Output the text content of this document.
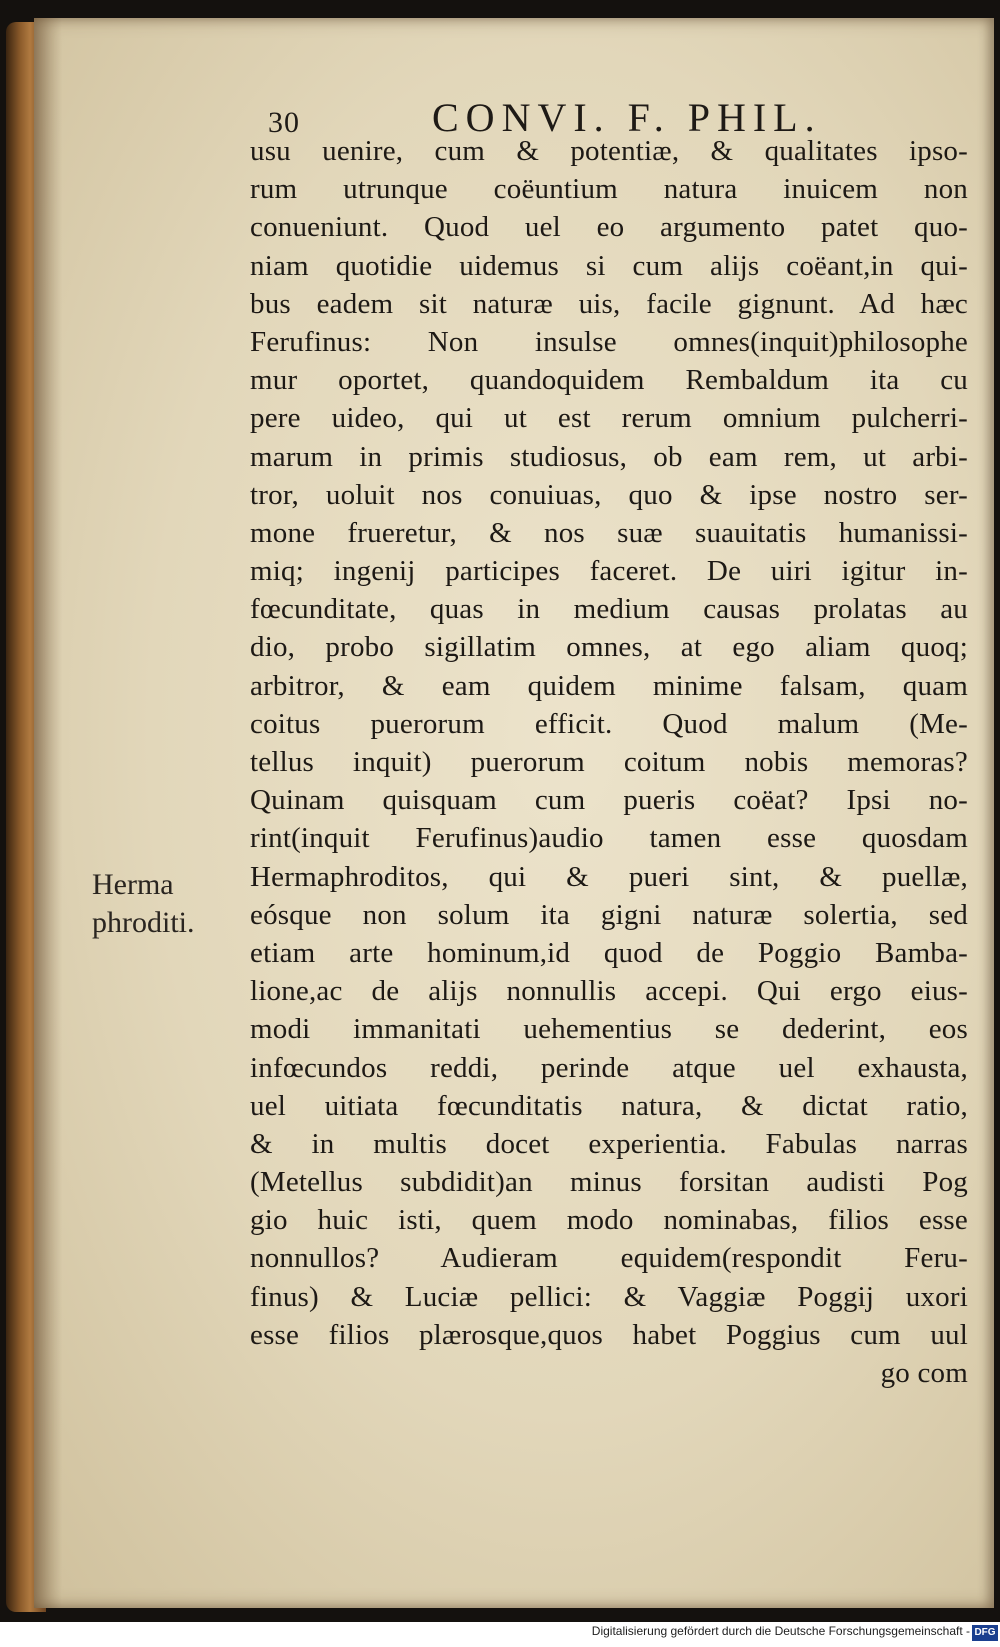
30	CONVI. F. PHIL.
Herma
phroditi.
usu uenire, cum & potentiæ, & qualitates ipso-
rum utrunque coëuntium natura inuicem non
conueniunt. Quod uel eo argumento patet quo-
niam quotidie uidemus si cum alijs coëant,in qui-
bus eadem sit naturæ uis, facile gignunt. Ad hæc
Ferufinus: Non insulse omnes(inquit)philosophe
mur oportet, quandoquidem Rembaldum ita cu
pere uideo, qui ut est rerum omnium pulcherri-
marum in primis studiosus, ob eam rem, ut arbi-
tror, uoluit nos conuiuas, quo & ipse nostro ser-
mone frueretur, & nos suæ suauitatis humanissi-
miq; ingenij participes faceret. De uiri igitur in-
fœcunditate, quas in medium causas prolatas au
dio, probo sigillatim omnes, at ego aliam quoq;
arbitror, & eam quidem minime falsam, quam
coitus puerorum efficit. Quod malum (Me-
tellus inquit) puerorum coitum nobis memoras?
Quinam quisquam cum pueris coëat? Ipsi no-
rint(inquit Ferufinus)audio tamen esse quosdam
Hermaphroditos, qui & pueri sint, & puellæ,
eósque non solum ita gigni naturæ solertia, sed
etiam arte hominum,id quod de Poggio Bamba-
lione,ac de alijs nonnullis accepi. Qui ergo eius-
modi immanitati uehementius se dederint, eos
infœcundos reddi, perinde atque uel exhausta,
uel uitiata fœcunditatis natura, & dictat ratio,
& in multis docet experientia. Fabulas narras
(Metellus subdidit)an minus forsitan audisti Pog
gio huic isti, quem modo nominabas, filios esse
nonnullos? Audieram equidem(respondit Feru-
finus) & Luciæ pellici: & Vaggiæ Poggij uxori
esse filios plærosque,quos habet Poggius cum uul
go com
Digitalisierung gefördert durch die Deutsche Forschungsgemeinschaft - DFG
